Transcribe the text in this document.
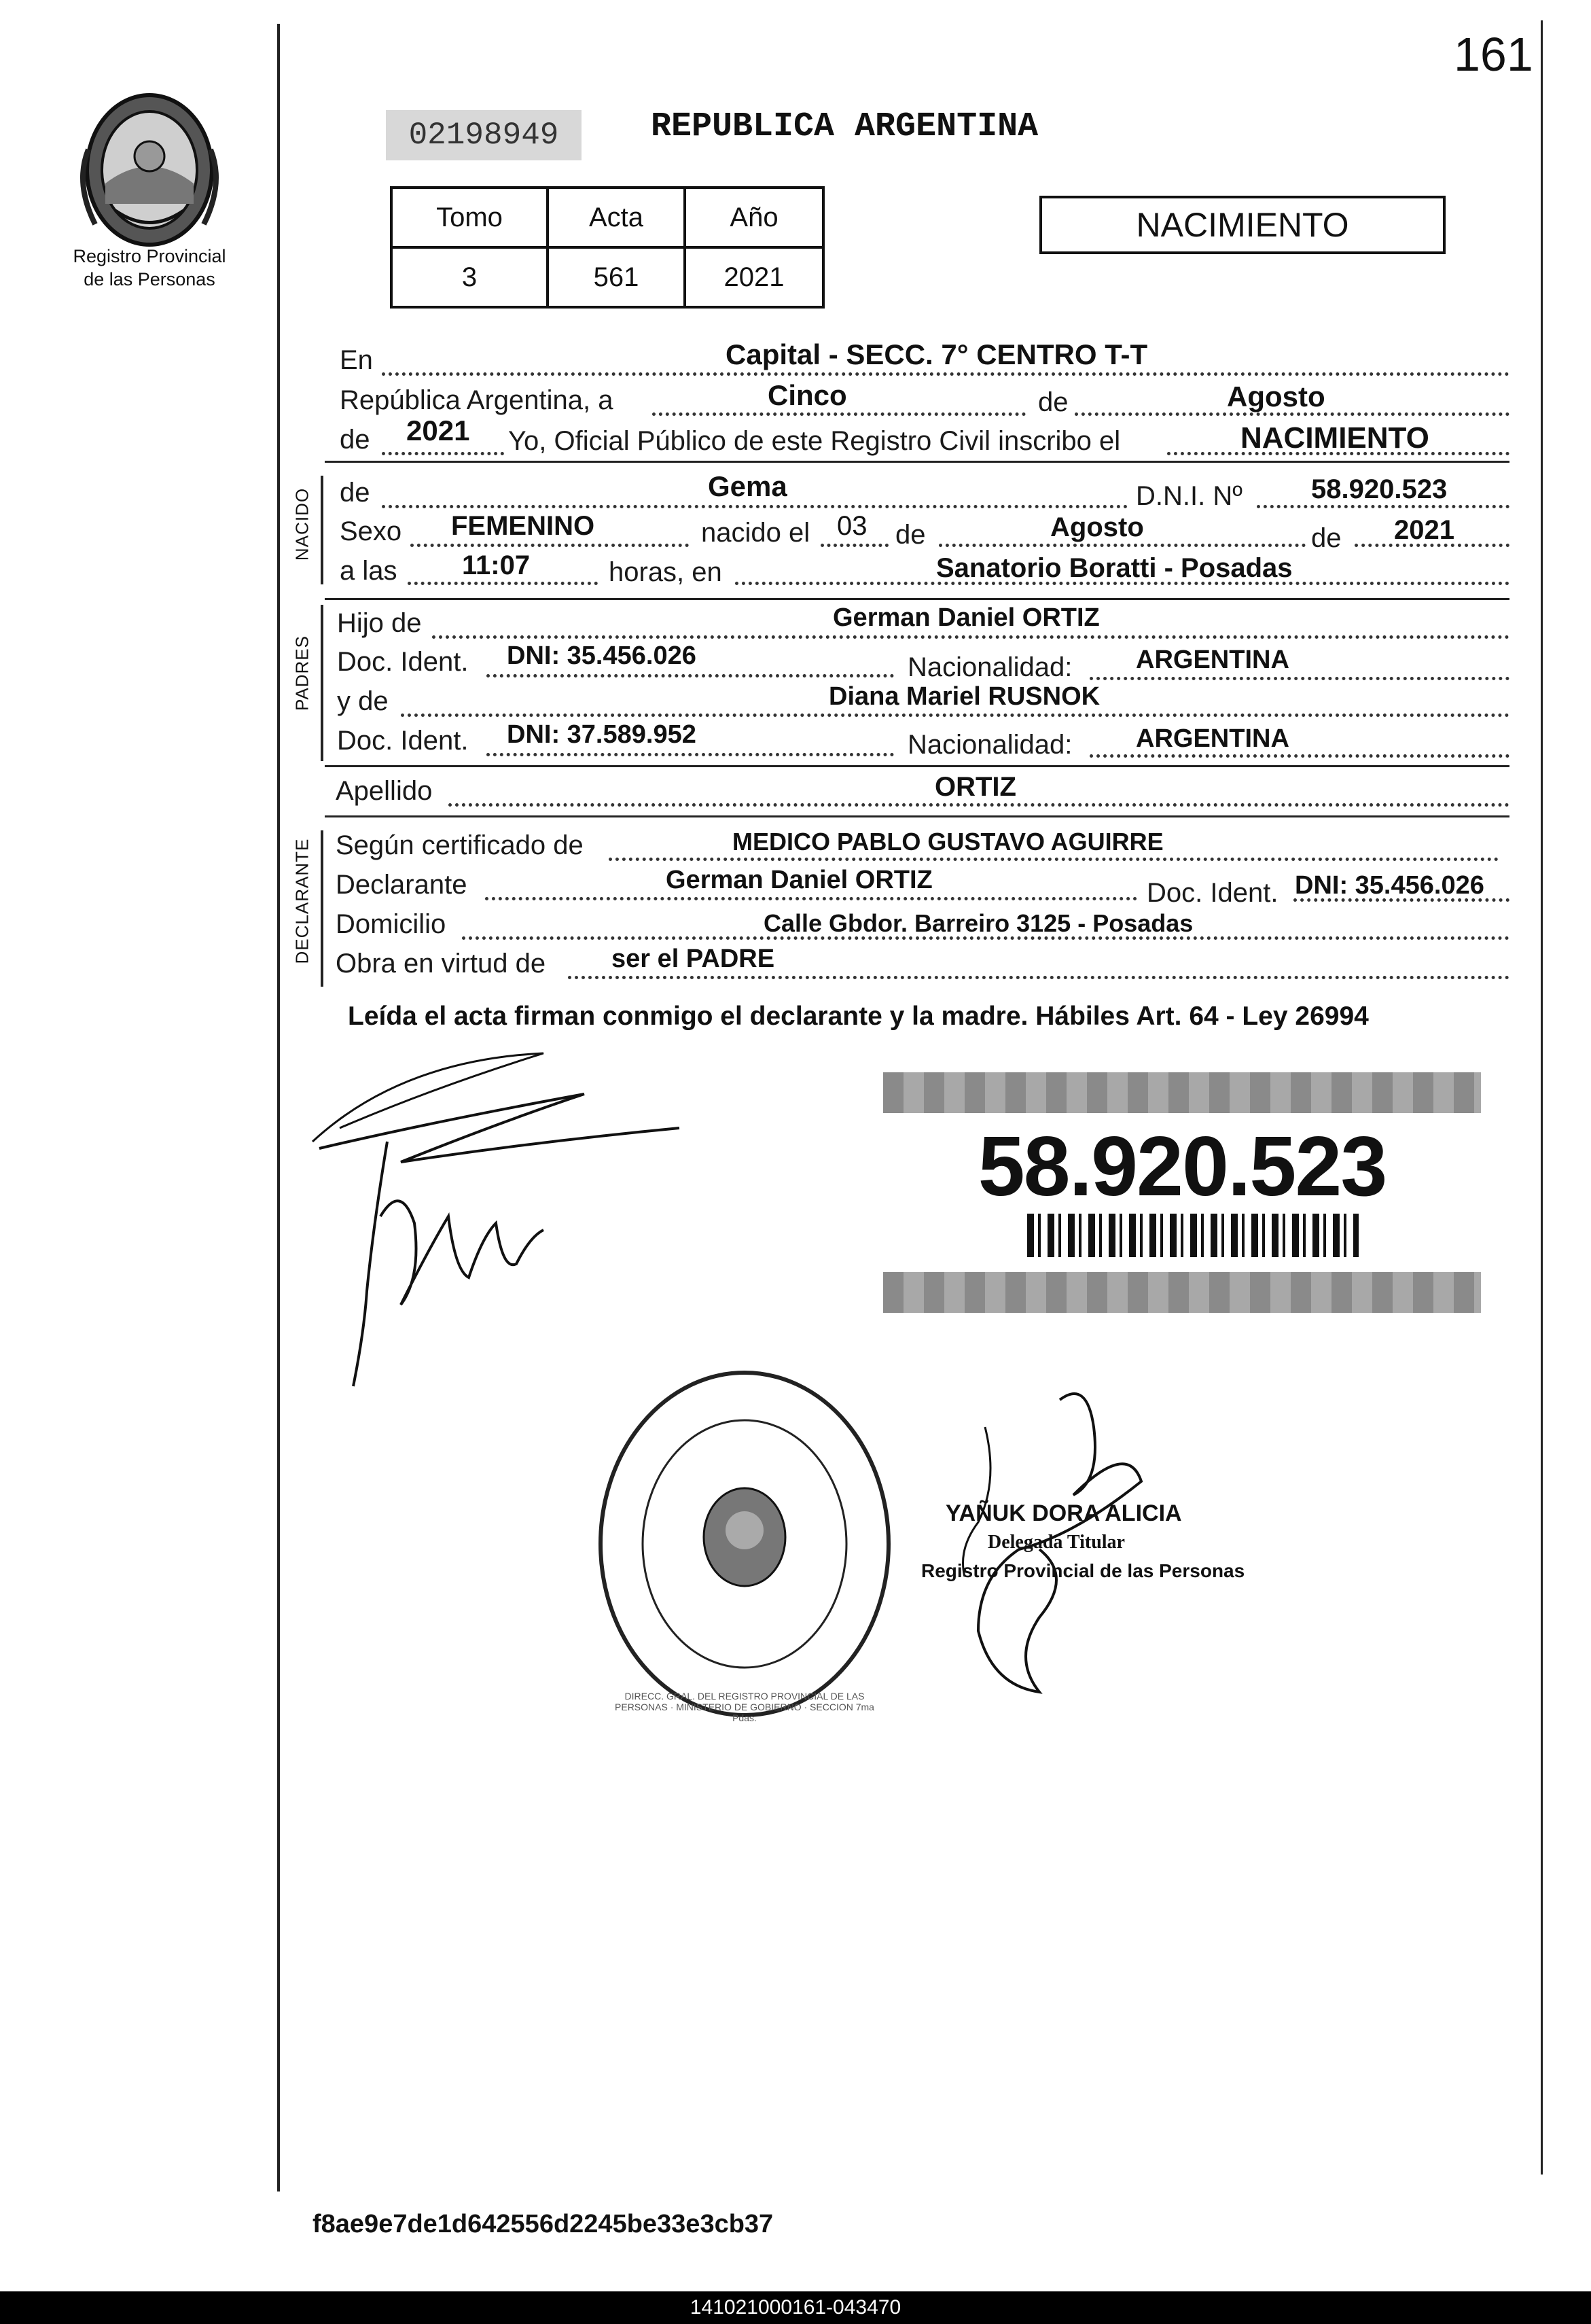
161
Registro Provincial
de las Personas
02198949	REPUBLICA ARGENTINA
Tomo	Acta	Año
3	561	2021
NACIMIENTO
En	Capital - SECC. 7° CENTRO T-T
República Argentina, a	Cinco	de	Agosto
de 2021 Yo, Oficial Público de este Registro Civil inscribo el	NACIMIENTO
NACIDO de	Gema	D.N.I. Nº	58.920.523
Sexo FEMENINO	nacido el 03 de	Agosto	de 2021
a las 11:07	horas, en	Sanatorio Boratti - Posadas
PADRES
Hijo de	German Daniel ORTIZ
Doc. Ident. DNI: 35.456.026	Nacionalidad: ARGENTINA
y de	Diana Mariel RUSNOK
Doc. Ident. DNI: 37.589.952	Nacionalidad: ARGENTINA
Apellido	ORTIZ
DECLARANTE Según certificado de	MEDICO PABLO GUSTAVO AGUIRRE
Declarante	German Daniel ORTIZ	Doc. Ident. DNI: 35.456.026
Domicilio	Calle Gbdor. Barreiro 3125 - Posadas
Obra en virtud de	ser el PADRE
Leída el acta firman conmigo el declarante y la madre. Hábiles Art. 64 - Ley 26994
58.920.523
DIRECC. GRAL. DEL REGISTRO PROVINCIAL DE LAS PERSONAS · MINISTERIO DE GOBIERNO · SECCION 7ma Pdas.
YAÑUK DORA ALICIA
Delegada Titular
Registro Provincial de las Personas
f8ae9e7de1d642556d2245be33e3cb37
141021000161-043470
